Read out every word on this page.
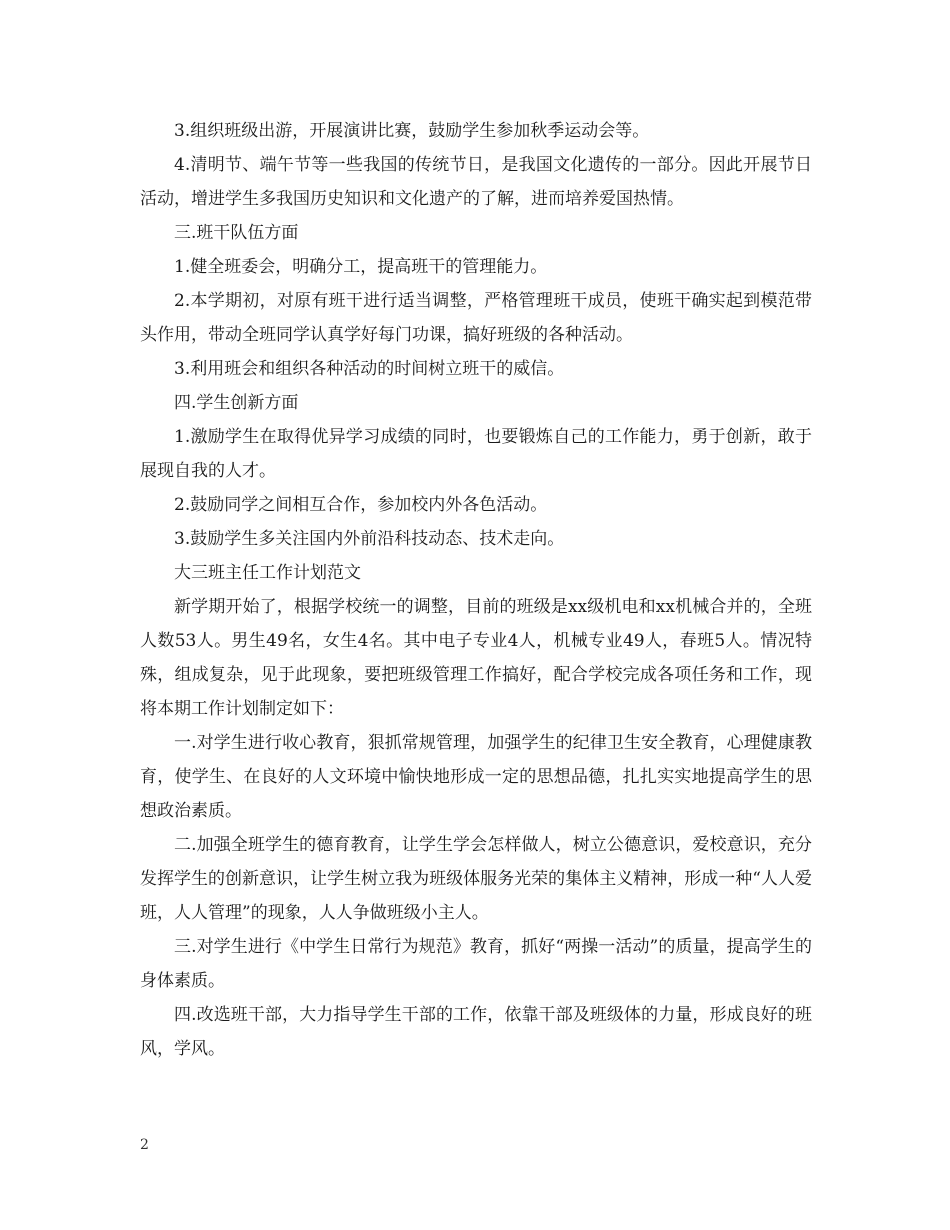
3.组织班级出游，开展演讲比赛，鼓励学生参加秋季运动会等。

4.清明节、端午节等一些我国的传统节日，是我国文化遗传的一部分。因此开展节日活动，增进学生多我国历史知识和文化遗产的了解，进而培养爱国热情。

三.班干队伍方面

1.健全班委会，明确分工，提高班干的管理能力。

2.本学期初，对原有班干进行适当调整，严格管理班干成员，使班干确实起到模范带头作用，带动全班同学认真学好每门功课，搞好班级的各种活动。

3.利用班会和组织各种活动的时间树立班干的威信。

四.学生创新方面

1.激励学生在取得优异学习成绩的同时，也要锻炼自己的工作能力，勇于创新，敢于展现自我的人才。

2.鼓励同学之间相互合作，参加校内外各色活动。

3.鼓励学生多关注国内外前沿科技动态、技术走向。

大三班主任工作计划范文

新学期开始了，根据学校统一的调整，目前的班级是xx级机电和xx机械合并的，全班人数53人。男生49名，女生4名。其中电子专业4人，机械专业49人，春班5人。情况特殊，组成复杂，见于此现象，要把班级管理工作搞好，配合学校完成各项任务和工作，现将本期工作计划制定如下：

一.对学生进行收心教育，狠抓常规管理，加强学生的纪律卫生安全教育，心理健康教育，使学生、在良好的人文环境中愉快地形成一定的思想品德，扎扎实实地提高学生的思想政治素质。

二.加强全班学生的德育教育，让学生学会怎样做人，树立公德意识，爱校意识，充分发挥学生的创新意识，让学生树立我为班级体服务光荣的集体主义精神，形成一种“人人爱班，人人管理”的现象，人人争做班级小主人。

三.对学生进行《中学生日常行为规范》教育，抓好“两操一活动”的质量，提高学生的身体素质。

四.改选班干部，大力指导学生干部的工作，依靠干部及班级体的力量，形成良好的班风，学风。

2
